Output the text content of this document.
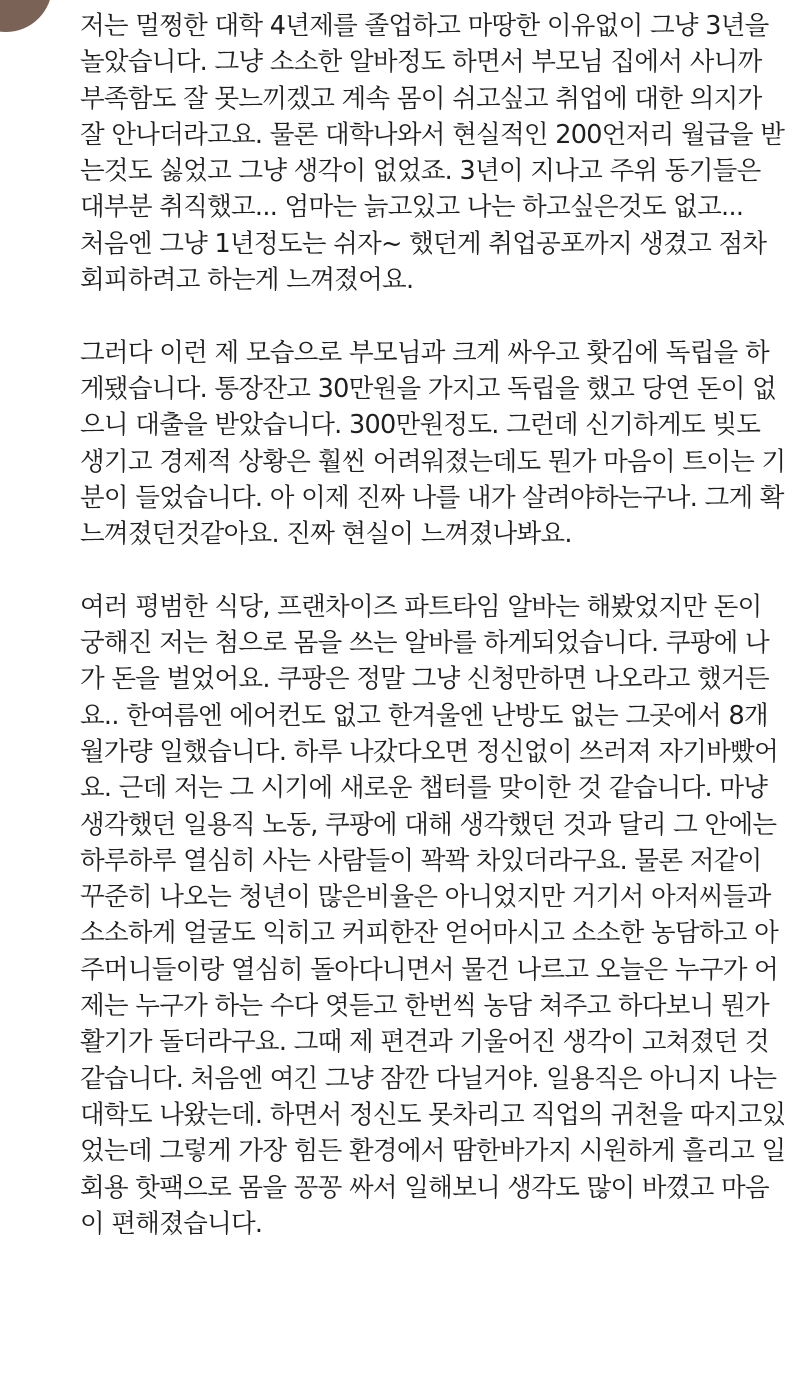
저는 멀쩡한 대학 4년제를 졸업하고 마땅한 이유없이 그냥 3년을
놀았습니다. 그냥 소소한 알바정도 하면서 부모님 집에서 사니까
부족함도 잘 못느끼겠고 계속 몸이 쉬고싶고 취업에 대한 의지가
잘 안나더라고요. 물론 대학나와서 현실적인 200언저리 월급을 받
는것도 싫었고 그냥 생각이 없었죠. 3년이 지나고 주위 동기들은
대부분 취직했고... 엄마는 늙고있고 나는 하고싶은것도 없고...
처음엔 그냥 1년정도는 쉬자~ 했던게 취업공포까지 생겼고 점차
회피하려고 하는게 느껴졌어요.
그러다 이런 제 모습으로 부모님과 크게 싸우고 홧김에 독립을 하
게됐습니다. 통장잔고 30만원을 가지고 독립을 했고 당연 돈이 없
으니 대출을 받았습니다. 300만원정도. 그런데 신기하게도 빚도
생기고 경제적 상황은 훨씬 어려워졌는데도 뭔가 마음이 트이는 기
분이 들었습니다. 아 이제 진짜 나를 내가 살려야하는구나. 그게 확
느껴졌던것같아요. 진짜 현실이 느껴졌나봐요.
여러 평범한 식당, 프랜차이즈 파트타임 알바는 해봤었지만 돈이
궁해진 저는 첨으로 몸을 쓰는 알바를 하게되었습니다. 쿠팡에 나
가 돈을 벌었어요. 쿠팡은 정말 그냥 신청만하면 나오라고 했거든
요.. 한여름엔 에어컨도 없고 한겨울엔 난방도 없는 그곳에서 8개
월가량 일했습니다. 하루 나갔다오면 정신없이 쓰러져 자기바빴어
요. 근데 저는 그 시기에 새로운 챕터를 맞이한 것 같습니다. 마냥
생각했던 일용직 노동, 쿠팡에 대해 생각했던 것과 달리 그 안에는
하루하루 열심히 사는 사람들이 꽉꽉 차있더라구요. 물론 저같이
꾸준히 나오는 청년이 많은비율은 아니었지만 거기서 아저씨들과
소소하게 얼굴도 익히고 커피한잔 얻어마시고 소소한 농담하고 아
주머니들이랑 열심히 돌아다니면서 물건 나르고 오늘은 누구가 어
제는 누구가 하는 수다 엿듣고 한번씩 농담 쳐주고 하다보니 뭔가
활기가 돌더라구요. 그때 제 편견과 기울어진 생각이 고쳐졌던 것
같습니다. 처음엔 여긴 그냥 잠깐 다닐거야. 일용직은 아니지 나는
대학도 나왔는데. 하면서 정신도 못차리고 직업의 귀천을 따지고있
었는데 그렇게 가장 힘든 환경에서 땀한바가지 시원하게 흘리고 일
회용 핫팩으로 몸을 꽁꽁 싸서 일해보니 생각도 많이 바꼈고 마음
이 편해졌습니다.
